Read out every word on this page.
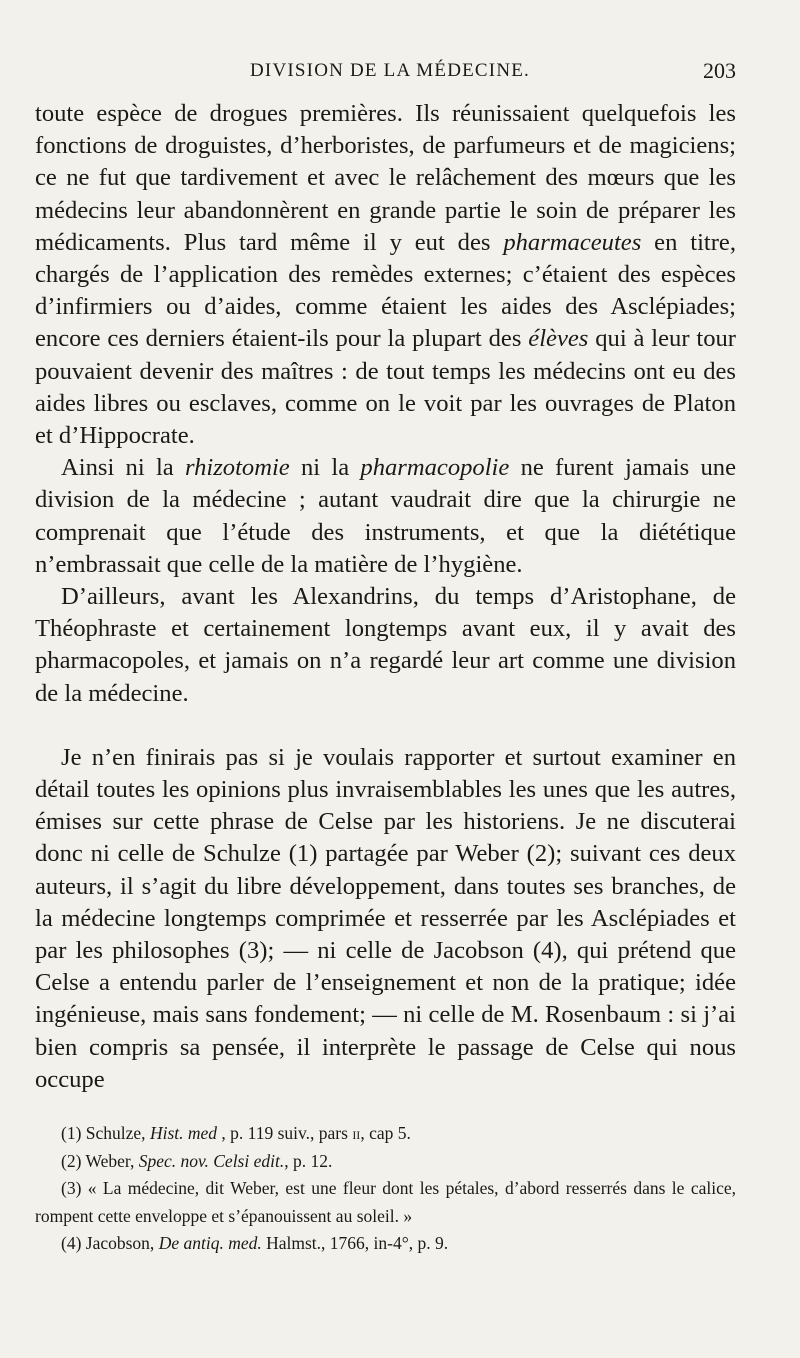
DIVISION DE LA MÉDECINE.	203

toute espèce de drogues premières. Ils réunissaient quelquefois les fonctions de droguistes, d’herboristes, de parfumeurs et de magiciens; ce ne fut que tardivement et avec le relâchement des mœurs que les médecins leur abandonnèrent en grande partie le soin de préparer les médicaments. Plus tard même il y eut des pharmaceutes en titre, chargés de l’application des remèdes externes; c’étaient des espèces d’infirmiers ou d’aides, comme étaient les aides des Asclépiades; encore ces derniers étaient-ils pour la plupart des élèves qui à leur tour pouvaient devenir des maîtres : de tout temps les médecins ont eu des aides libres ou esclaves, comme on le voit par les ouvrages de Platon et d’Hippocrate.

Ainsi ni la rhizotomie ni la pharmacopolie ne furent jamais une division de la médecine ; autant vaudrait dire que la chirurgie ne comprenait que l’étude des instruments, et que la diététique n’embrassait que celle de la matière de l’hygiène.

D’ailleurs, avant les Alexandrins, du temps d’Aristophane, de Théophraste et certainement longtemps avant eux, il y avait des pharmacopoles, et jamais on n’a regardé leur art comme une division de la médecine.

Je n’en finirais pas si je voulais rapporter et surtout examiner en détail toutes les opinions plus invraisemblables les unes que les autres, émises sur cette phrase de Celse par les historiens. Je ne discuterai donc ni celle de Schulze (1) partagée par Weber (2); suivant ces deux auteurs, il s’agit du libre développement, dans toutes ses branches, de la médecine longtemps comprimée et resserrée par les Asclépiades et par les philosophes (3); — ni celle de Jacobson (4), qui prétend que Celse a entendu parler de l’enseignement et non de la pratique; idée ingénieuse, mais sans fondement; — ni celle de M. Rosenbaum : si j’ai bien compris sa pensée, il interprète le passage de Celse qui nous occupe

(1) Schulze, Hist. med , p. 119 suiv., pars ii, cap 5.

(2) Weber, Spec. nov. Celsi edit., p. 12.

(3) « La médecine, dit Weber, est une fleur dont les pétales, d’abord resserrés dans le calice, rompent cette enveloppe et s’épanouissent au soleil. »

(4) Jacobson, De antiq. med. Halmst., 1766, in-4°, p. 9.
